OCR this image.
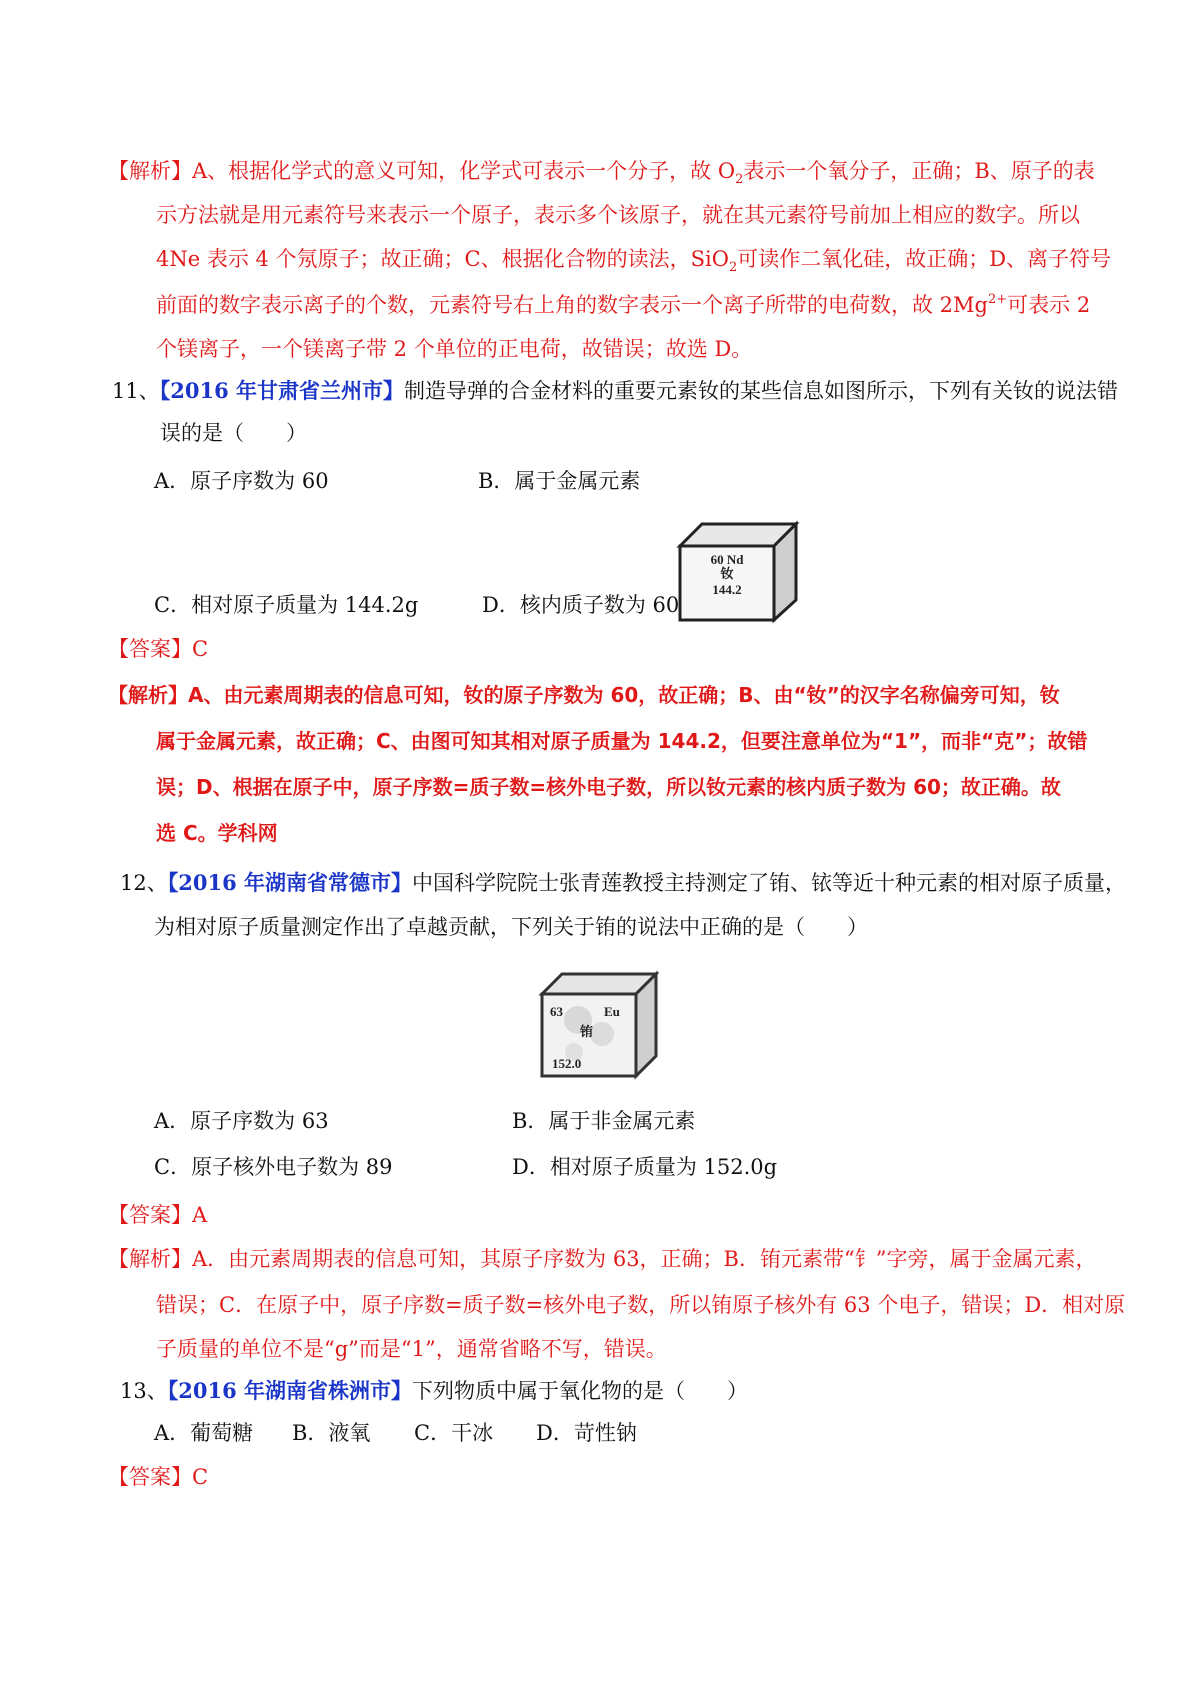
【解析】A、根据化学式的意义可知，化学式可表示一个分子，故 $O_2$表示一个氧分子，正确；B、原子的表
示方法就是用元素符号来表示一个原子，表示多个该原子，就在其元素符号前加上相应的数字。所以
4Ne 表示 4 个氖原子；故正确；C、根据化合物的读法，SiO$_2$可读作二氧化硅，故正确；D、离子符号
前面的数字表示离子的个数，元素符号右上角的数字表示一个离子所带的电荷数，故 $2Mg^{2+}$可表示 2
个镁离子，一个镁离子带 2 个单位的正电荷，故错误；故选 D。
11、【2016 年甘肃省兰州市】制造导弹的合金材料的重要元素钕的某些信息如图所示，下列有关钕的说法错
误的是（　　）
A．原子序数为 60	B．属于金属元素
60 Nd
钕
144.2
C．相对原子质量为 144.2g	D．核内质子数为 60
【答案】C
【解析】A、由元素周期表的信息可知，钕的原子序数为 60，故正确；B、由“钕”的汉字名称偏旁可知，钕
属于金属元素，故正确；C、由图可知其相对原子质量为 144.2，但要注意单位为“1”，而非“克”；故错
误；D、根据在原子中，原子序数=质子数=核外电子数，所以钕元素的核内质子数为 60；故正确。故
选 C。学科网
12、【2016 年湖南省常德市】中国科学院院士张青莲教授主持测定了铕、铱等近十种元素的相对原子质量，
为相对原子质量测定作出了卓越贡献，下列关于铕的说法中正确的是（　　）
63	Eu
铕
152.0
A．原子序数为 63	B．属于非金属元素
C．原子核外电子数为 89	D．相对原子质量为 152.0g
【答案】A
【解析】A．由元素周期表的信息可知，其原子序数为 63，正确；B．铕元素带“钅”字旁，属于金属元素，
错误；C．在原子中，原子序数=质子数=核外电子数，所以铕原子核外有 63 个电子，错误；D．相对原
子质量的单位不是“g”而是“1”，通常省略不写，错误。
13、【2016 年湖南省株洲市】下列物质中属于氧化物的是（　　）
A．葡萄糖 B．液氧 C．干冰 D．苛性钠
【答案】C
